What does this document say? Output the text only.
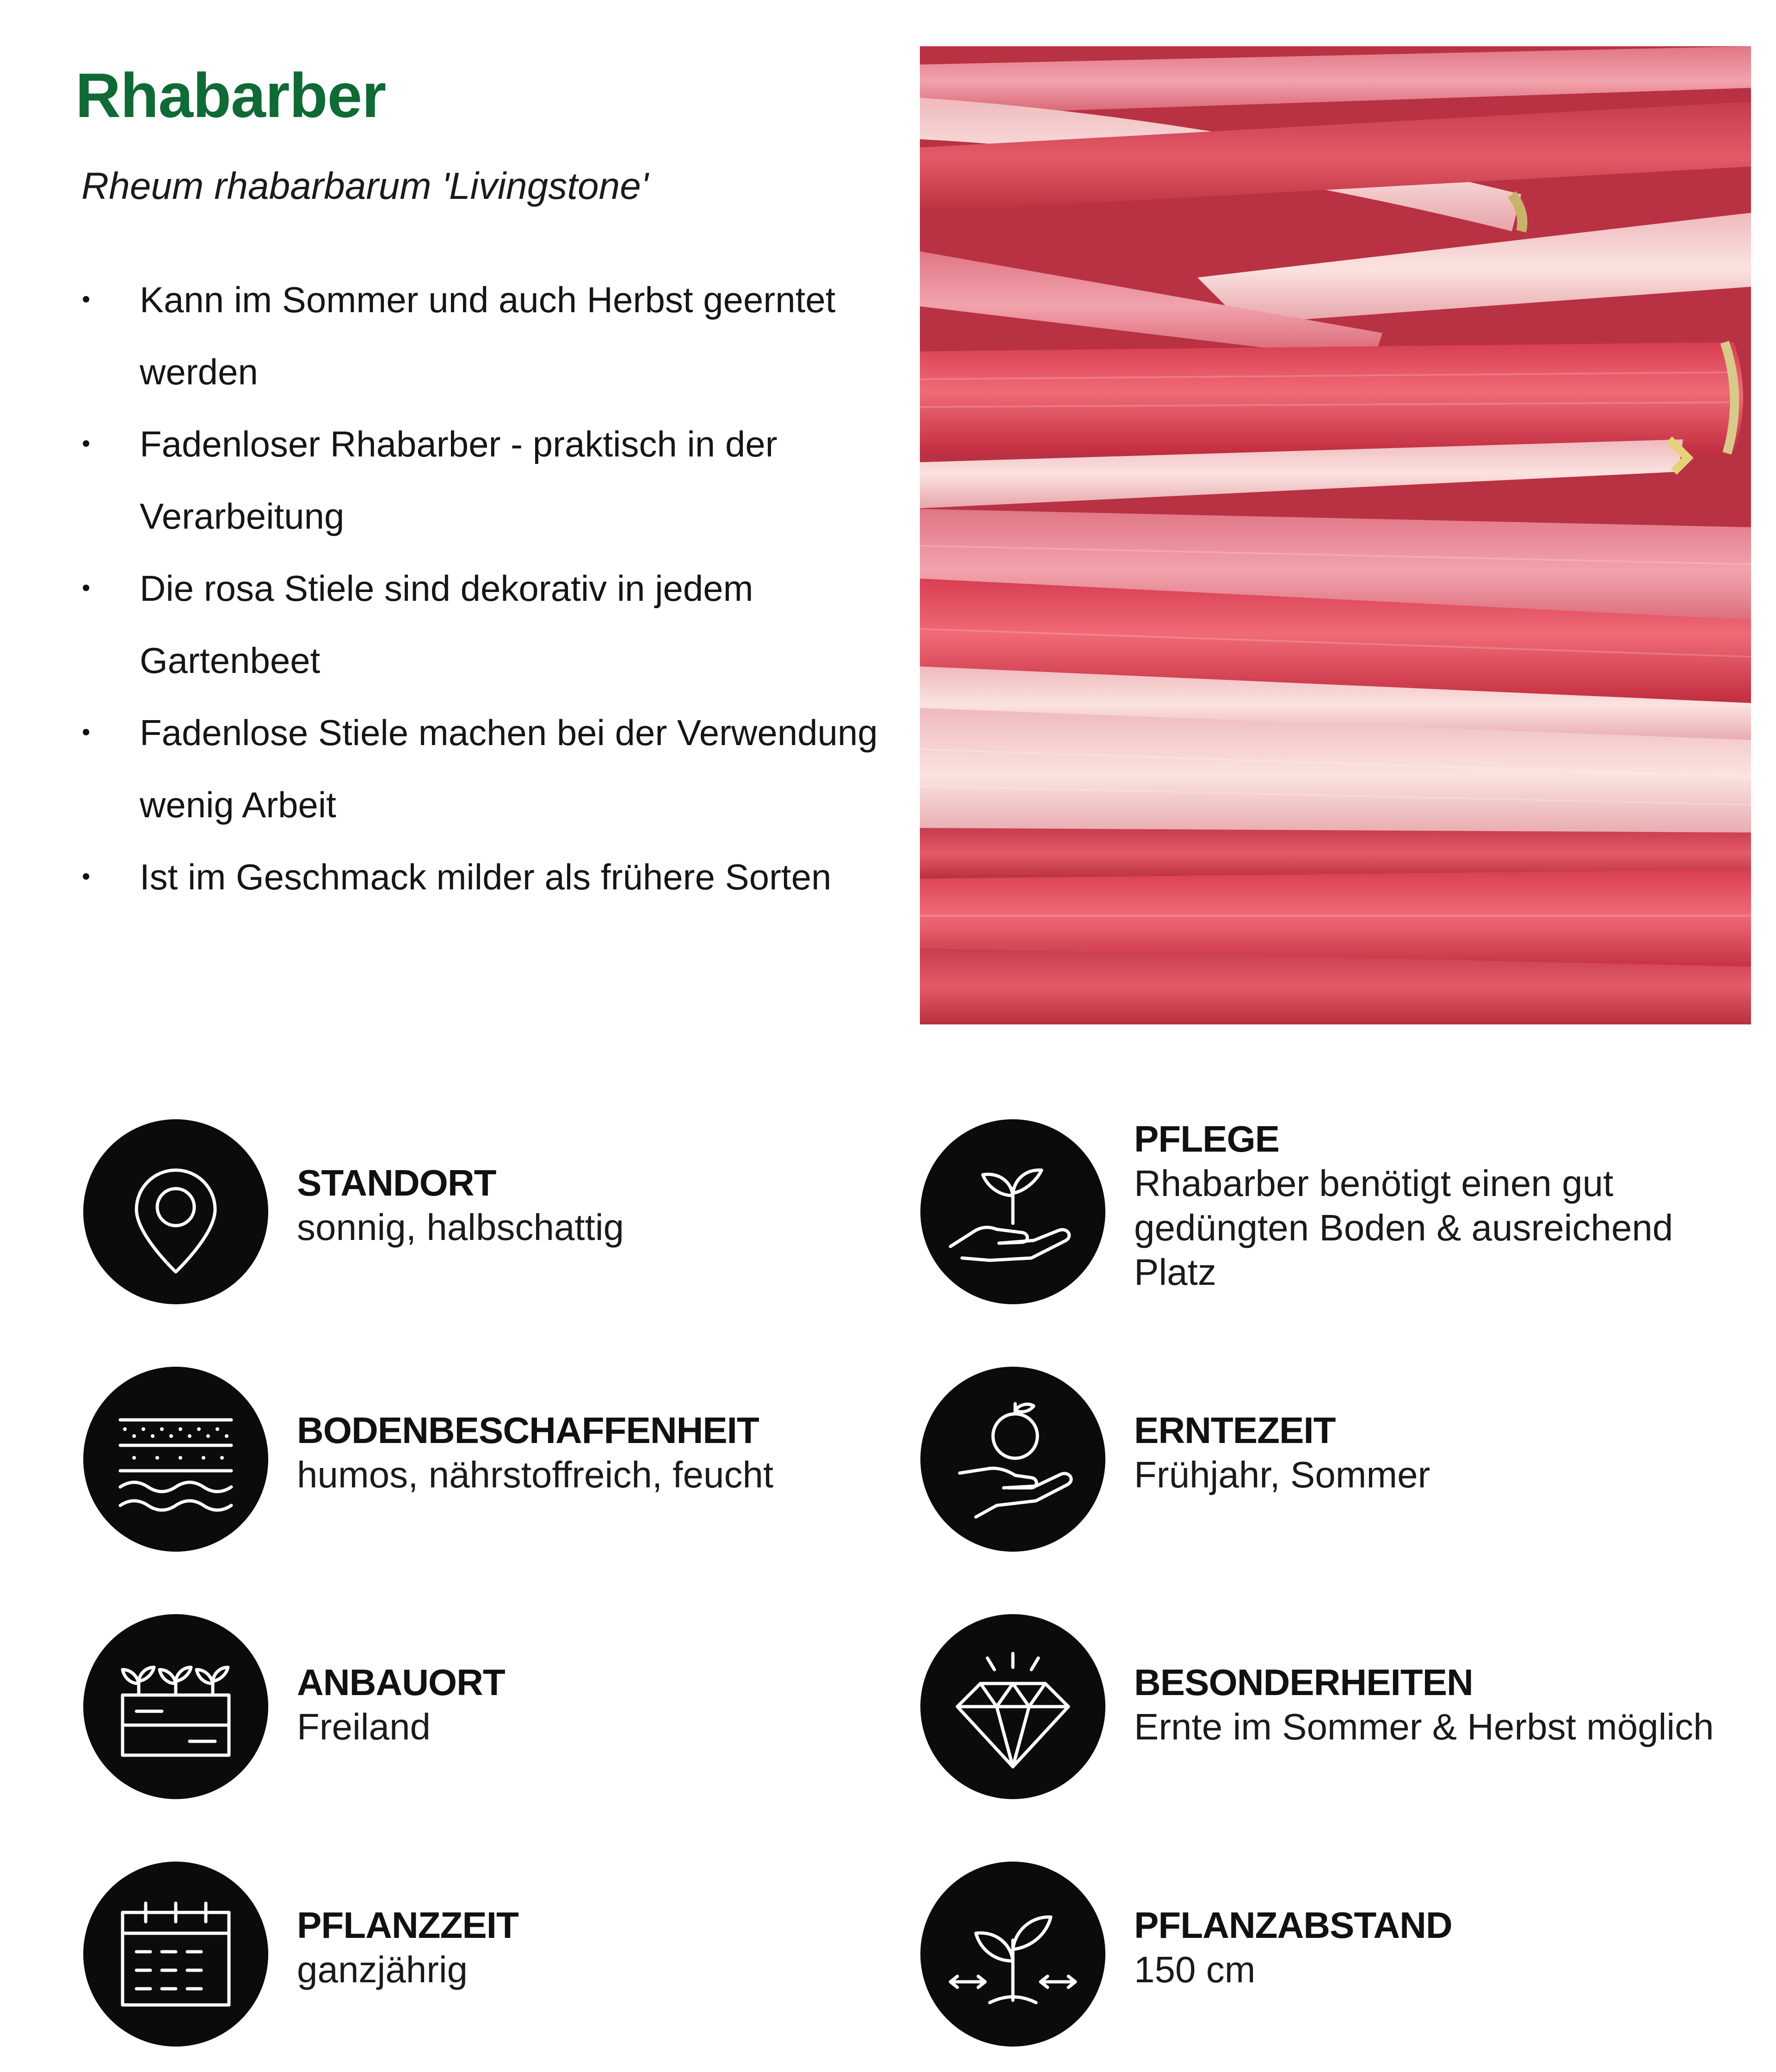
Rhabarber

Rheum rhabarbarum 'Livingstone'

Kann im Sommer und auch Herbst geerntet werden
Fadenloser Rhabarber - praktisch in der Verarbeitung
Die rosa Stiele sind dekorativ in jedem Gartenbeet
Fadenlose Stiele machen bei der Verwendung wenig Arbeit
Ist im Geschmack milder als frühere Sorten
STANDORT
sonnig, halbschattig
PFLEGE
Rhabarber benötigt einen gut gedüngten Boden & ausreichend Platz
BODENBESCHAFFENHEIT
humos, nährstoffreich, feucht
ERNTEZEIT
Frühjahr, Sommer
ANBAUORT
Freiland
BESONDERHEITEN
Ernte im Sommer & Herbst möglich
PFLANZZEIT
ganzjährig
PFLANZABSTAND
150 cm
